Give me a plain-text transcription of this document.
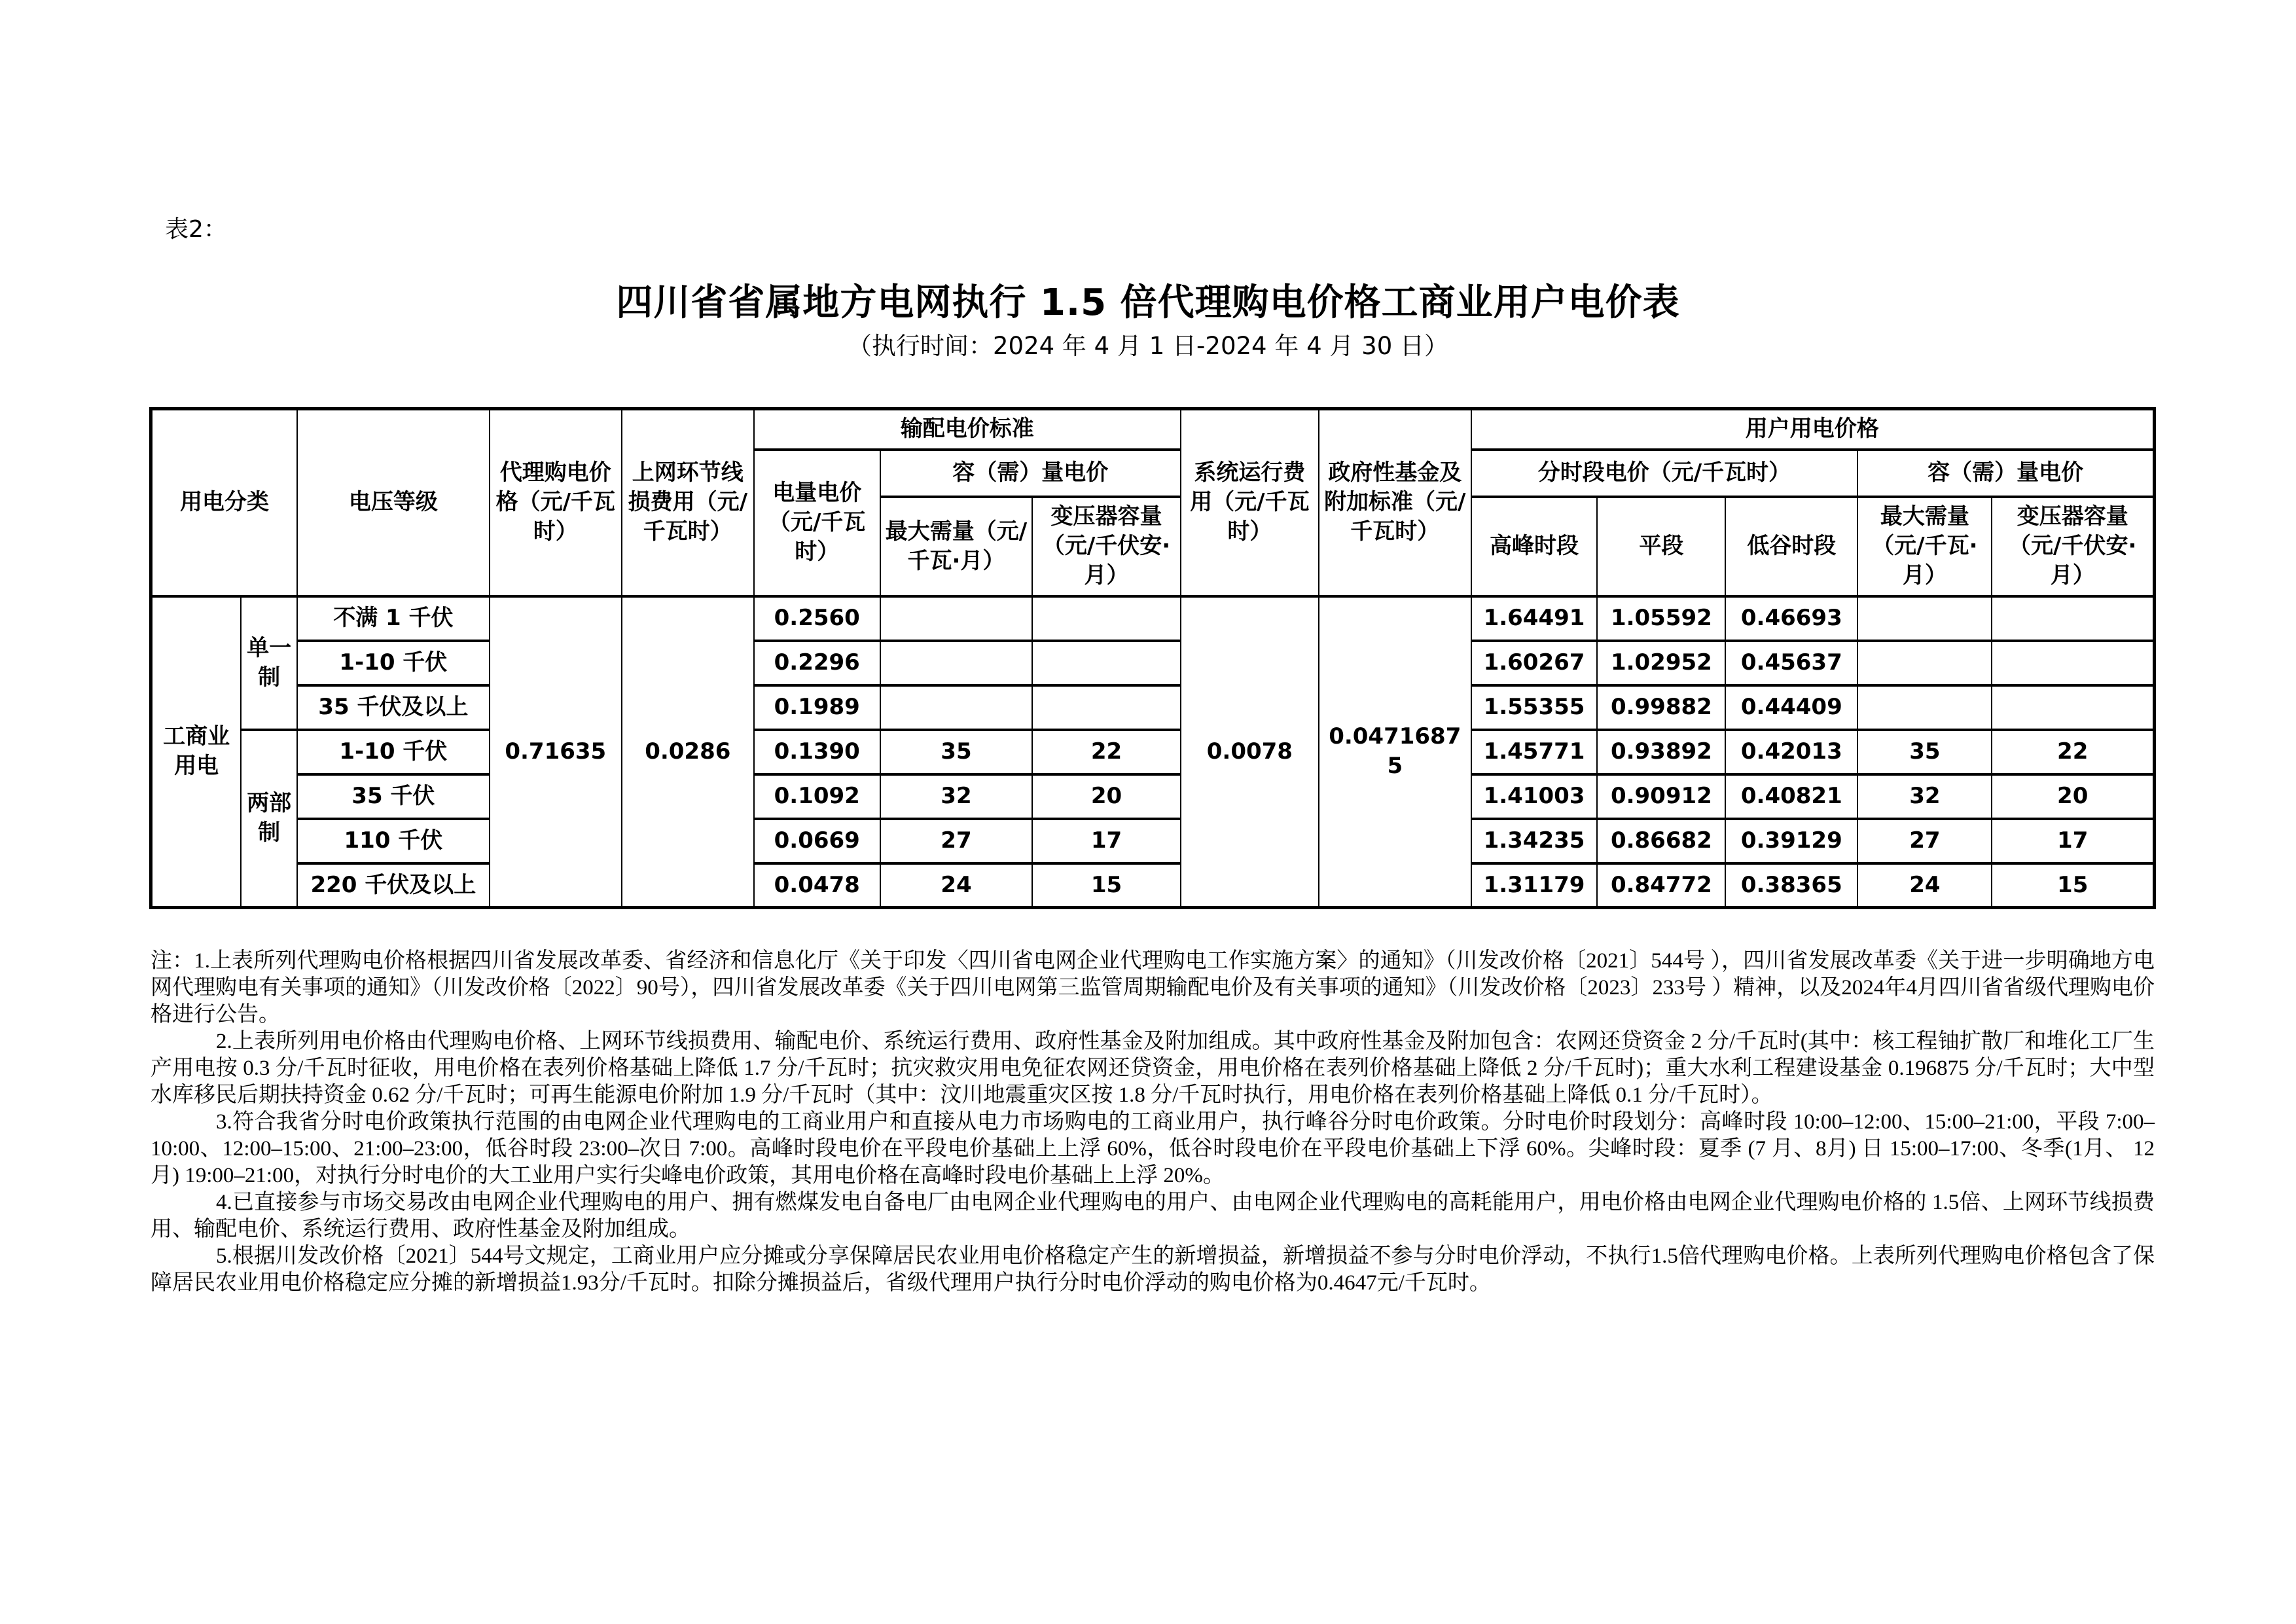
表2：
四川省省属地方电网执行 1.5 倍代理购电价格工商业用户电价表
（执行时间：2024 年 4 月 1 日-2024 年 4 月 30 日）
用电分类		电压等级	代理购电价格（元/千瓦时）	上网环节线损费用（元/千瓦时）	输配电价标准			系统运行费用（元/千瓦时）	政府性基金及附加标准（元/千瓦时）	用户用电价格				
					电量电价（元/千瓦时）	容（需）量电价				分时段电价（元/千瓦时）			容（需）量电价	
						最大需量（元/千瓦·月）	变压器容量（元/千伏安·月）			高峰时段	平段	低谷时段	最大需量（元/千瓦·月）	变压器容量（元/千伏安·月）
工商业用电	单一制	不满 1 千伏	0.71635	0.0286	0.2560			0.0078	0.04716875	1.64491	1.05592	0.46693		
		1-10 千伏			0.2296					1.60267	1.02952	0.45637		
		35 千伏及以上			0.1989					1.55355	0.99882	0.44409		
	两部制	1-10 千伏			0.1390	35	22			1.45771	0.93892	0.42013	35	22
		35 千伏			0.1092	32	20			1.41003	0.90912	0.40821	32	20
		110 千伏			0.0669	27	17			1.34235	0.86682	0.39129	27	17
		220 千伏及以上			0.0478	24	15			1.31179	0.84772	0.38365	24	15

注：1.上表所列代理购电价格根据四川省发展改革委、省经济和信息化厅《关于印发〈四川省电网企业代理购电工作实施方案〉的通知》（川发改价格〔2021〕544号 ），四川省发展改革委《关于进一步明确地方电网代理购电有关事项的通知》（川发改价格〔2022〕90号），四川省发展改革委《关于四川电网第三监管周期输配电价及有关事项的通知》（川发改价格〔2023〕233号 ）精神，以及2024年4月四川省省级代理购电价格进行公告。

2.上表所列用电价格由代理购电价格、上网环节线损费用、输配电价、系统运行费用、政府性基金及附加组成。其中政府性基金及附加包含：农网还贷资金 2 分/千瓦时(其中：核工程铀扩散厂和堆化工厂生产用电按 0.3 分/千瓦时征收，用电价格在表列价格基础上降低 1.7 分/千瓦时；抗灾救灾用电免征农网还贷资金，用电价格在表列价格基础上降低 2 分/千瓦时)；重大水利工程建设基金 0.196875 分/千瓦时；大中型水库移民后期扶持资金 0.62 分/千瓦时；可再生能源电价附加 1.9 分/千瓦时（其中：汶川地震重灾区按 1.8 分/千瓦时执行，用电价格在表列价格基础上降低 0.1 分/千瓦时）。

3.符合我省分时电价政策执行范围的由电网企业代理购电的工商业用户和直接从电力市场购电的工商业用户，执行峰谷分时电价政策。分时电价时段划分：高峰时段 10:00–12:00、15:00–21:00，平段 7:00–10:00、12:00–15:00、21:00–23:00，低谷时段 23:00–次日 7:00。高峰时段电价在平段电价基础上上浮 60%，低谷时段电价在平段电价基础上下浮 60%。尖峰时段：夏季 (7 月、8月) 日 15:00–17:00、冬季(1月、 12 月) 19:00–21:00，对执行分时电价的大工业用户实行尖峰电价政策，其用电价格在高峰时段电价基础上上浮 20%。

4.已直接参与市场交易改由电网企业代理购电的用户、拥有燃煤发电自备电厂由电网企业代理购电的用户、由电网企业代理购电的高耗能用户，用电价格由电网企业代理购电价格的 1.5倍、上网环节线损费用、输配电价、系统运行费用、政府性基金及附加组成。

5.根据川发改价格〔2021〕544号文规定，工商业用户应分摊或分享保障居民农业用电价格稳定产生的新增损益，新增损益不参与分时电价浮动，不执行1.5倍代理购电价格。上表所列代理购电价格包含了保障居民农业用电价格稳定应分摊的新增损益1.93分/千瓦时。扣除分摊损益后，省级代理用户执行分时电价浮动的购电价格为0.4647元/千瓦时。
